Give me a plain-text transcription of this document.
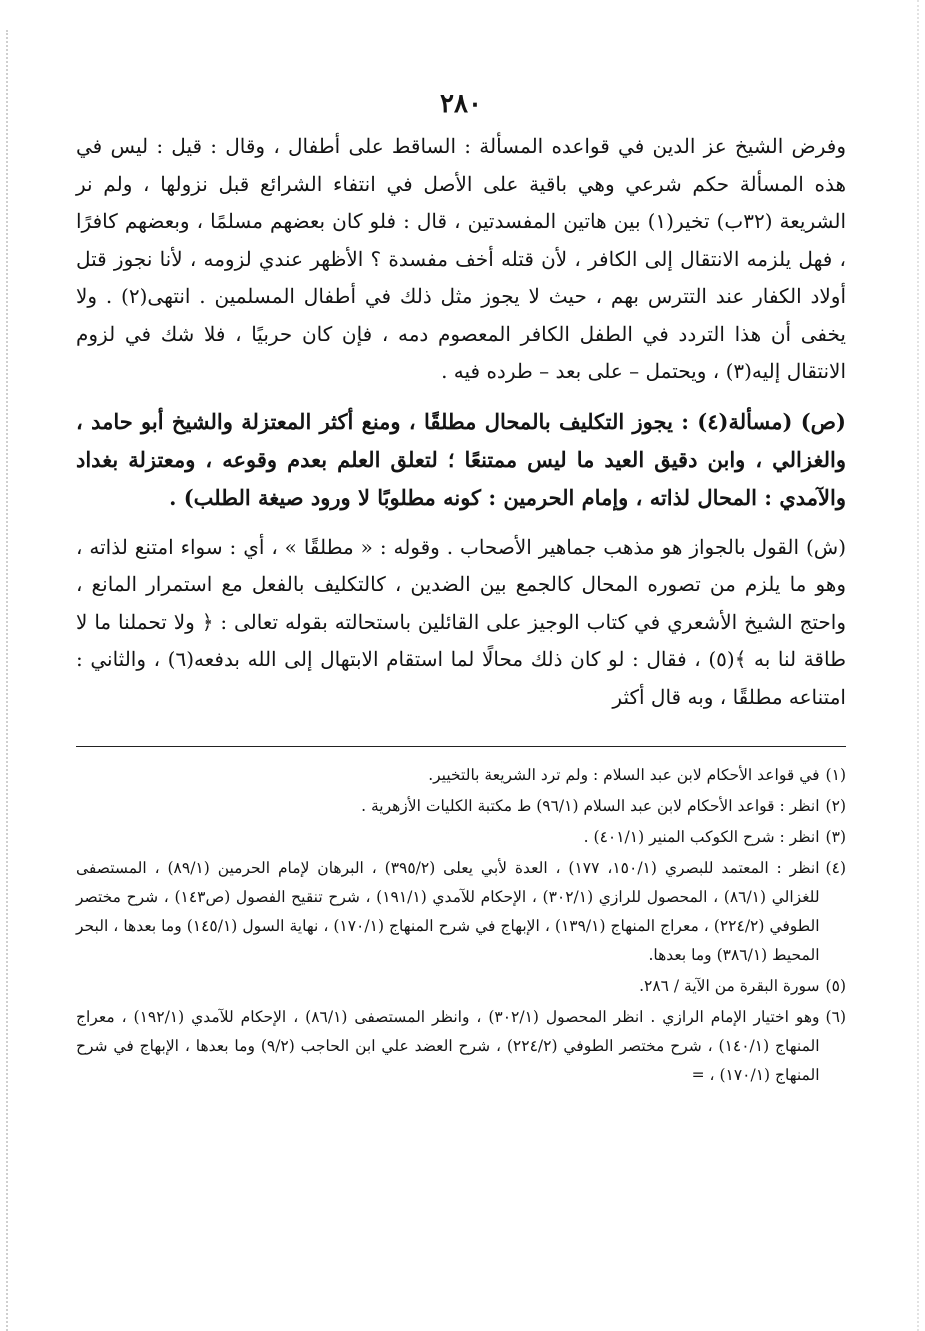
٢٨٠

وفرض الشيخ عز الدين في قواعده المسألة : الساقط على أطفال ، وقال : قيل : ليس في هذه المسألة حكم شرعي وهي باقية على الأصل في انتفاء الشرائع قبل نزولها ، ولم نر الشريعة (٣٢ب) تخير(١) بين هاتين المفسدتين ، قال : فلو كان بعضهم مسلمًا ، وبعضهم كافرًا ، فهل يلزمه الانتقال إلى الكافر ، لأن قتله أخف مفسدة ؟ الأظهر عندي لزومه ، لأنا نجوز قتل أولاد الكفار عند التترس بهم ، حيث لا يجوز مثل ذلك في أطفال المسلمين . انتهى(٢) . ولا يخفى أن هذا التردد في الطفل الكافر المعصوم دمه ، فإن كان حربيًا ، فلا شك في لزوم الانتقال إليه(٣) ، ويحتمل – على بعد – طرده فيه .

(ص) (مسألة(٤) : يجوز التكليف بالمحال مطلقًا ، ومنع أكثر المعتزلة والشيخ أبو حامد ، والغزالي ، وابن دقيق العيد ما ليس ممتنعًا ؛ لتعلق العلم بعدم وقوعه ، ومعتزلة بغداد والآمدي : المحال لذاته ، وإمام الحرمين : كونه مطلوبًا لا ورود صيغة الطلب) .

(ش) القول بالجواز هو مذهب جماهير الأصحاب . وقوله : « مطلقًا » ، أي : سواء امتنع لذاته ، وهو ما يلزم من تصوره المحال كالجمع بين الضدين ، كالتكليف بالفعل مع استمرار المانع ، واحتج الشيخ الأشعري في كتاب الوجيز على القائلين باستحالته بقوله تعالى : ﴿ ولا تحملنا ما لا طاقة لنا به ﴾(٥) ، فقال : لو كان ذلك محالًا لما استقام الابتهال إلى الله بدفعه(٦) ، والثاني : امتناعه مطلقًا ، وبه قال أكثر

(١)
في قواعد الأحكام لابن عبد السلام : ولم ترد الشريعة بالتخيير.
(٢)
انظر : قواعد الأحكام لابن عبد السلام (٩٦/١) ط مكتبة الكليات الأزهرية .
(٣)
انظر : شرح الكوكب المنير (٤٠١/١) .
(٤)
انظر : المعتمد للبصري (١٥٠/١، ١٧٧) ، العدة لأبي يعلى (٣٩٥/٢) ، البرهان لإمام الحرمين (٨٩/١) ، المستصفى للغزالي (٨٦/١) ، المحصول للرازي (٣٠٢/١) ، الإحكام للآمدي (١٩١/١) ، شرح تنقيح الفصول (ص١٤٣) ، شرح مختصر الطوفي (٢٢٤/٢) ، معراج المنهاج (١٣٩/١) ، الإبهاج في شرح المنهاج (١٧٠/١) ، نهاية السول (١٤٥/١) وما بعدها ، البحر المحيط (٣٨٦/١) وما بعدها.
(٥)
سورة البقرة من الآية / ٢٨٦.
(٦)
وهو اختيار الإمام الرازي . انظر المحصول (٣٠٢/١) ، وانظر المستصفى (٨٦/١) ، الإحكام للآمدي (١٩٢/١) ، معراج المنهاج (١٤٠/١) ، شرح مختصر الطوفي (٢٢٤/٢) ، شرح العضد علي ابن الحاجب (٩/٢) وما بعدها ، الإبهاج في شرح المنهاج (١٧٠/١) ، =
